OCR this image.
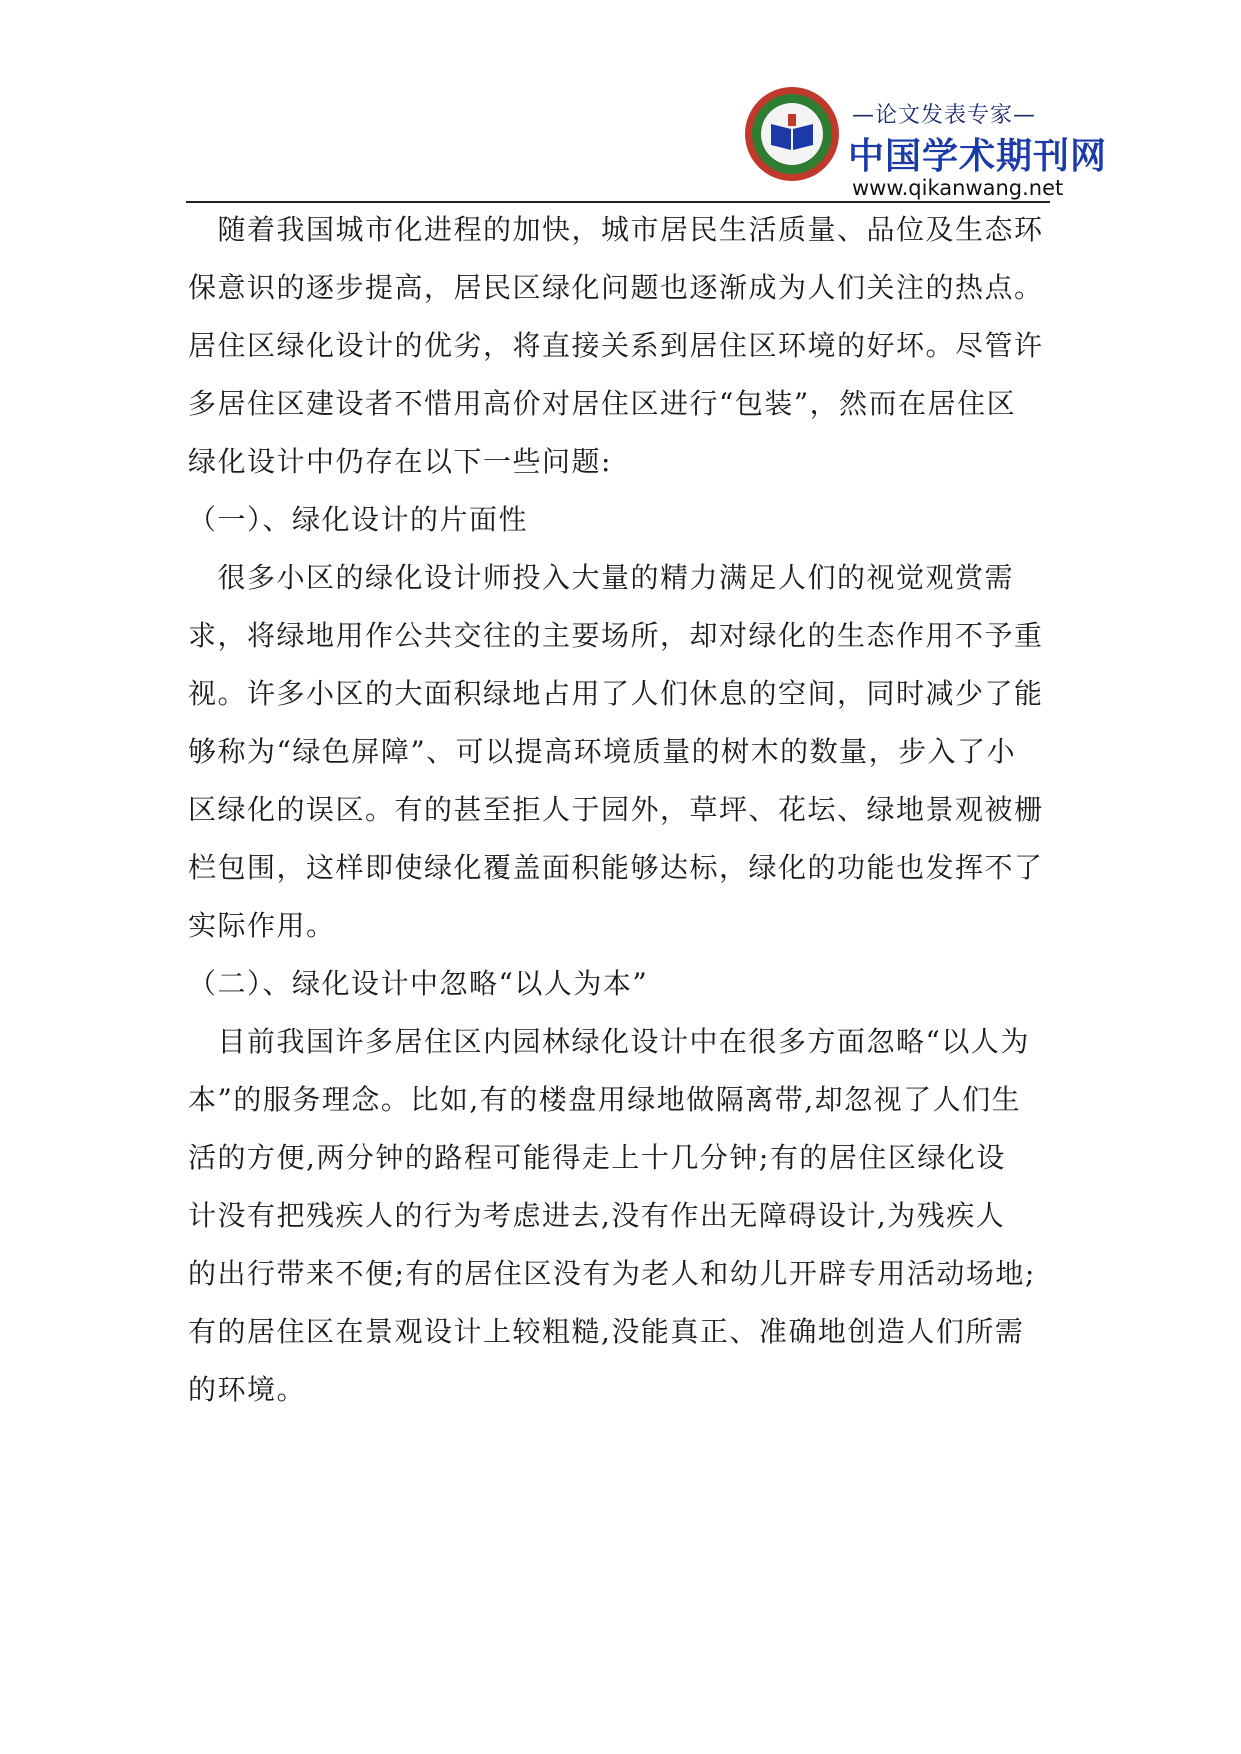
—论文发表专家—
中国学术期刊网
www.qikanwang.net
　随着我国城市化进程的加快，城市居民生活质量、品位及生态环
保意识的逐步提高，居民区绿化问题也逐渐成为人们关注的热点。
居住区绿化设计的优劣，将直接关系到居住区环境的好坏。尽管许
多居住区建设者不惜用高价对居住区进行“包装”，然而在居住区
绿化设计中仍存在以下一些问题:
（一）、绿化设计的片面性
　很多小区的绿化设计师投入大量的精力满足人们的视觉观赏需
求，将绿地用作公共交往的主要场所，却对绿化的生态作用不予重
视。许多小区的大面积绿地占用了人们休息的空间，同时减少了能
够称为“绿色屏障”、可以提高环境质量的树木的数量，步入了小
区绿化的误区。有的甚至拒人于园外，草坪、花坛、绿地景观被栅
栏包围，这样即使绿化覆盖面积能够达标，绿化的功能也发挥不了
实际作用。
（二）、绿化设计中忽略“以人为本”
　目前我国许多居住区内园林绿化设计中在很多方面忽略“以人为
本”的服务理念。比如,有的楼盘用绿地做隔离带,却忽视了人们生
活的方便,两分钟的路程可能得走上十几分钟;有的居住区绿化设
计没有把残疾人的行为考虑进去,没有作出无障碍设计,为残疾人
的出行带来不便;有的居住区没有为老人和幼儿开辟专用活动场地;
有的居住区在景观设计上较粗糙,没能真正、准确地创造人们所需
的环境。
